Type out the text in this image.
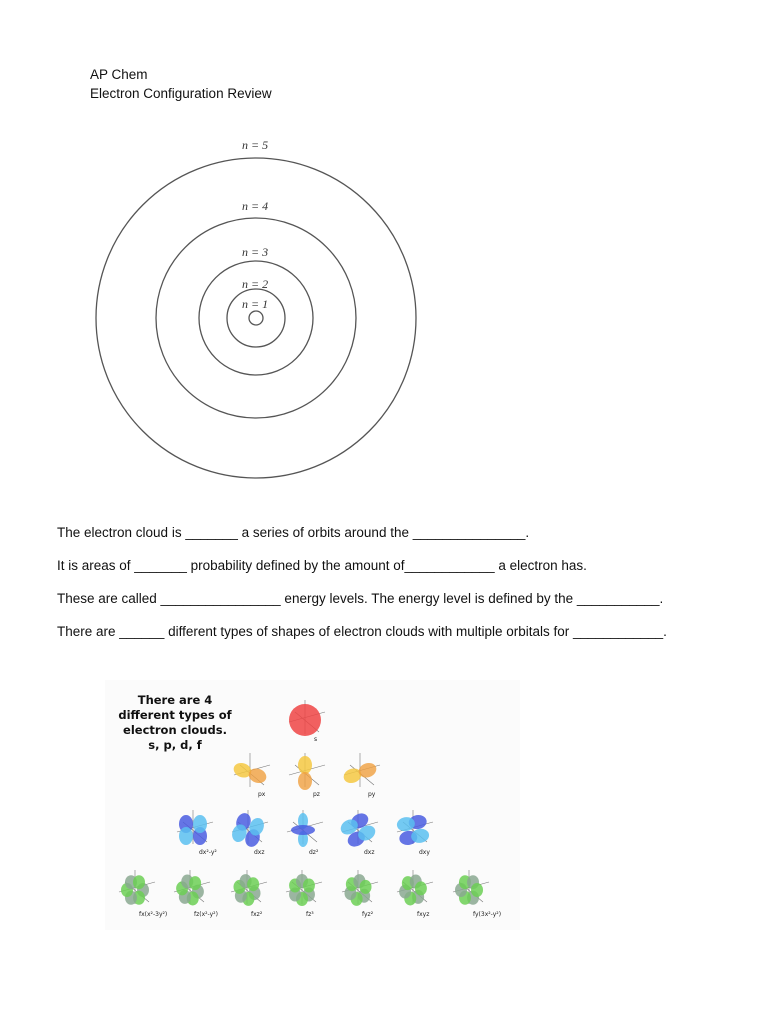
AP Chem
Electron Configuration Review
n = 5
n = 4
n = 3
n = 2
n = 1
The electron cloud is _______ a series of orbits around the _______________.
It is areas of _______ probability defined by the amount of____________ a electron has.
These are called ________________ energy levels. The energy level is defined by the ___________.
There are ______ different types of shapes of electron clouds with multiple orbitals for ____________.
s
px	pz	py
dx²-y²	dxz	dz²	dxz	dxy
fx(x²-3y²)	fz(x²-y²)	fxz²	fz³	fyz²	fxyz	fy(3x²-y²)
There are 4
different types of
electron clouds.
s, p, d, f
